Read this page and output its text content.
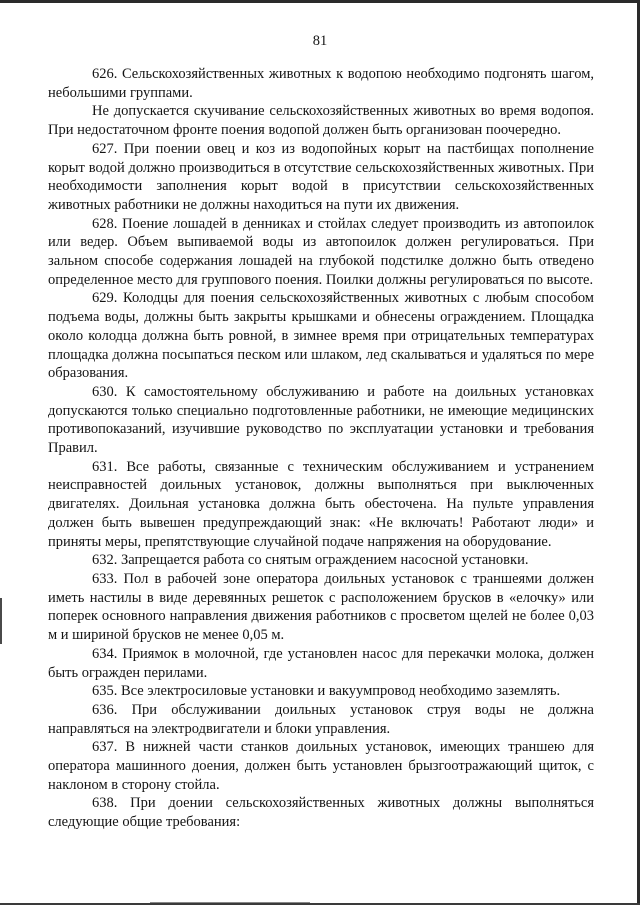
81

626. Сельскохозяйственных животных к водопою необходимо подгонять шагом, небольшими группами.

Не допускается скучивание сельскохозяйственных животных во время водопоя. При недостаточном фронте поения водопой должен быть организован поочередно.

627. При поении овец и коз из водопойных корыт на пастбищах пополнение корыт водой должно производиться в отсутствие сельскохозяйственных животных. При необходимости заполнения корыт водой в присутствии сельскохозяйственных животных работники не должны находиться на пути их движения.

628. Поение лошадей в денниках и стойлах следует производить из автопоилок или ведер. Объем выпиваемой воды из автопоилок должен регулироваться. При зальном способе содержания лошадей на глубокой подстилке должно быть отведено определенное место для группового поения. Поилки должны регулироваться по высоте.

629. Колодцы для поения сельскохозяйственных животных с любым способом подъема воды, должны быть закрыты крышками и обнесены ограждением. Площадка около колодца должна быть ровной, в зимнее время при отрицательных температурах площадка должна посыпаться песком или шлаком, лед скалываться и удаляться по мере образования.

630. К самостоятельному обслуживанию и работе на доильных установках допускаются только специально подготовленные работники, не имеющие медицинских противопоказаний, изучившие руководство по эксплуатации установки и требования Правил.

631. Все работы, связанные с техническим обслуживанием и устранением неисправностей доильных установок, должны выполняться при выключенных двигателях. Доильная установка должна быть обесточена. На пульте управления должен быть вывешен предупреждающий знак: «Не включать! Работают люди» и приняты меры, препятствующие случайной подаче напряжения на оборудование.

632. Запрещается работа со снятым ограждением насосной установки.

633. Пол в рабочей зоне оператора доильных установок с траншеями должен иметь настилы в виде деревянных решеток с расположением брусков в «елочку» или поперек основного направления движения работников с просветом щелей не более 0,03 м и шириной брусков не менее 0,05 м.

634. Приямок в молочной, где установлен насос для перекачки молока, должен быть огражден перилами.

635. Все электросиловые установки и вакуумпровод необходимо заземлять.

636. При обслуживании доильных установок струя воды не должна направляться на электродвигатели и блоки управления.

637. В нижней части станков доильных установок, имеющих траншею для оператора машинного доения, должен быть установлен брызгоотражающий щиток, с наклоном в сторону стойла.

638. При доении сельскохозяйственных животных должны выполняться следующие общие требования:
